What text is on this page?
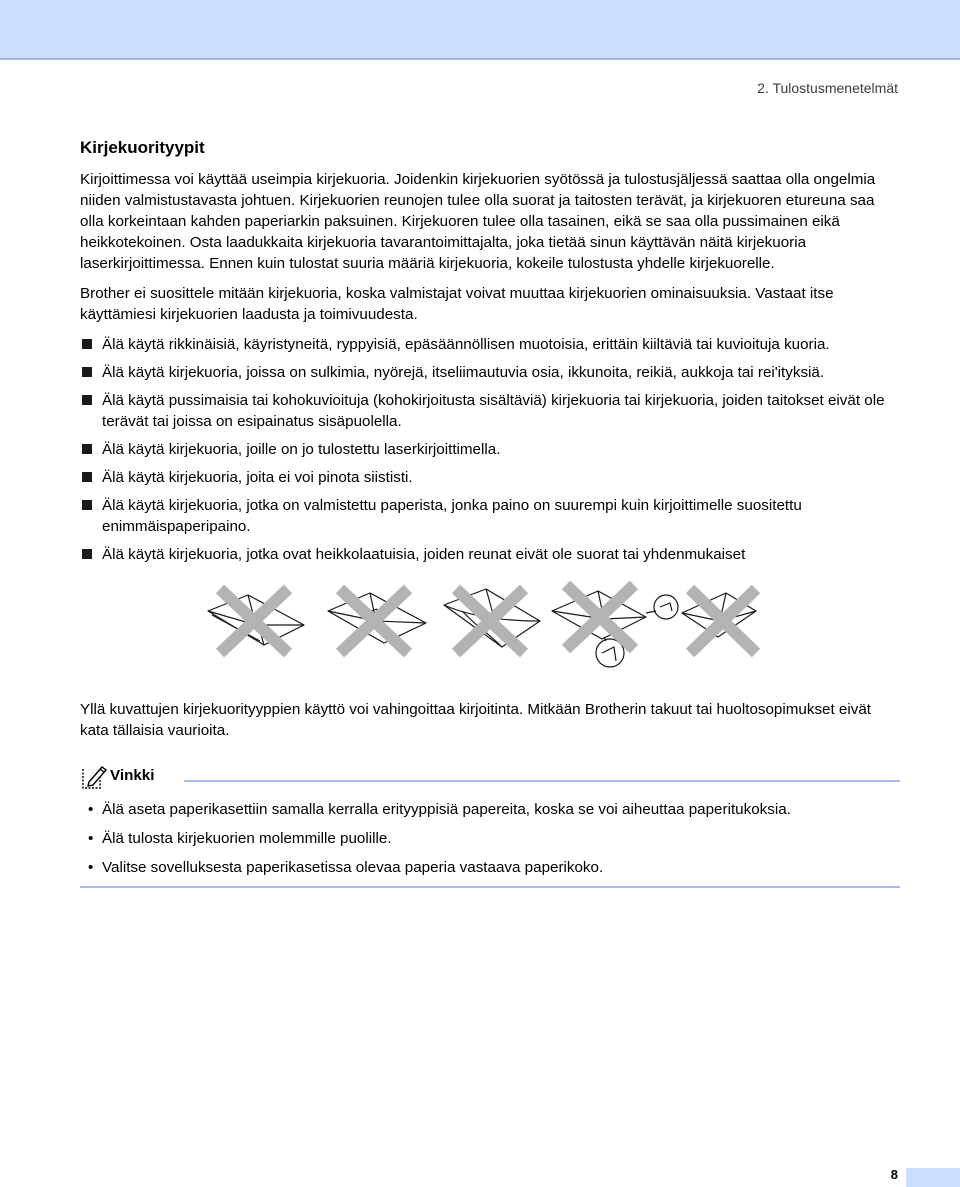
2. Tulostusmenetelmät
Kirjekuorityypit

Kirjoittimessa voi käyttää useimpia kirjekuoria. Joidenkin kirjekuorien syötössä ja tulostusjäljessä saattaa olla ongelmia niiden valmistustavasta johtuen. Kirjekuorien reunojen tulee olla suorat ja taitosten terävät, ja kirjekuoren etureuna saa olla korkeintaan kahden paperiarkin paksuinen. Kirjekuoren tulee olla tasainen, eikä se saa olla pussimainen eikä heikkotekoinen. Osta laadukkaita kirjekuoria tavarantoimittajalta, joka tietää sinun käyttävän näitä kirjekuoria laserkirjoittimessa. Ennen kuin tulostat suuria määriä kirjekuoria, kokeile tulostusta yhdelle kirjekuorelle.

Brother ei suosittele mitään kirjekuoria, koska valmistajat voivat muuttaa kirjekuorien ominaisuuksia. Vastaat itse käyttämiesi kirjekuorien laadusta ja toimivuudesta.

Älä käytä rikkinäisiä, käyristyneitä, ryppyisiä, epäsäännöllisen muotoisia, erittäin kiiltäviä tai kuvioituja kuoria.
Älä käytä kirjekuoria, joissa on sulkimia, nyörejä, itseliimautuvia osia, ikkunoita, reikiä, aukkoja tai rei'ityksiä.
Älä käytä pussimaisia tai kohokuvioituja (kohokirjoitusta sisältäviä) kirjekuoria tai kirjekuoria, joiden taitokset eivät ole terävät tai joissa on esipainatus sisäpuolella.
Älä käytä kirjekuoria, joille on jo tulostettu laserkirjoittimella.
Älä käytä kirjekuoria, joita ei voi pinota siististi.
Älä käytä kirjekuoria, jotka on valmistettu paperista, jonka paino on suurempi kuin kirjoittimelle suositettu enimmäispaperipaino.
Älä käytä kirjekuoria, jotka ovat heikkolaatuisia, joiden reunat eivät ole suorat tai yhdenmukaiset

Yllä kuvattujen kirjekuorityyppien käyttö voi vahingoittaa kirjoitinta. Mitkään Brotherin takuut tai huoltosopimukset eivät kata tällaisia vaurioita.

Vinkki
• Älä aseta paperikasettiin samalla kerralla erityyppisiä papereita, koska se voi aiheuttaa paperitukoksia.
• Älä tulosta kirjekuorien molemmille puolille.
• Valitse sovelluksesta paperikasetissa olevaa paperia vastaava paperikoko.
8
